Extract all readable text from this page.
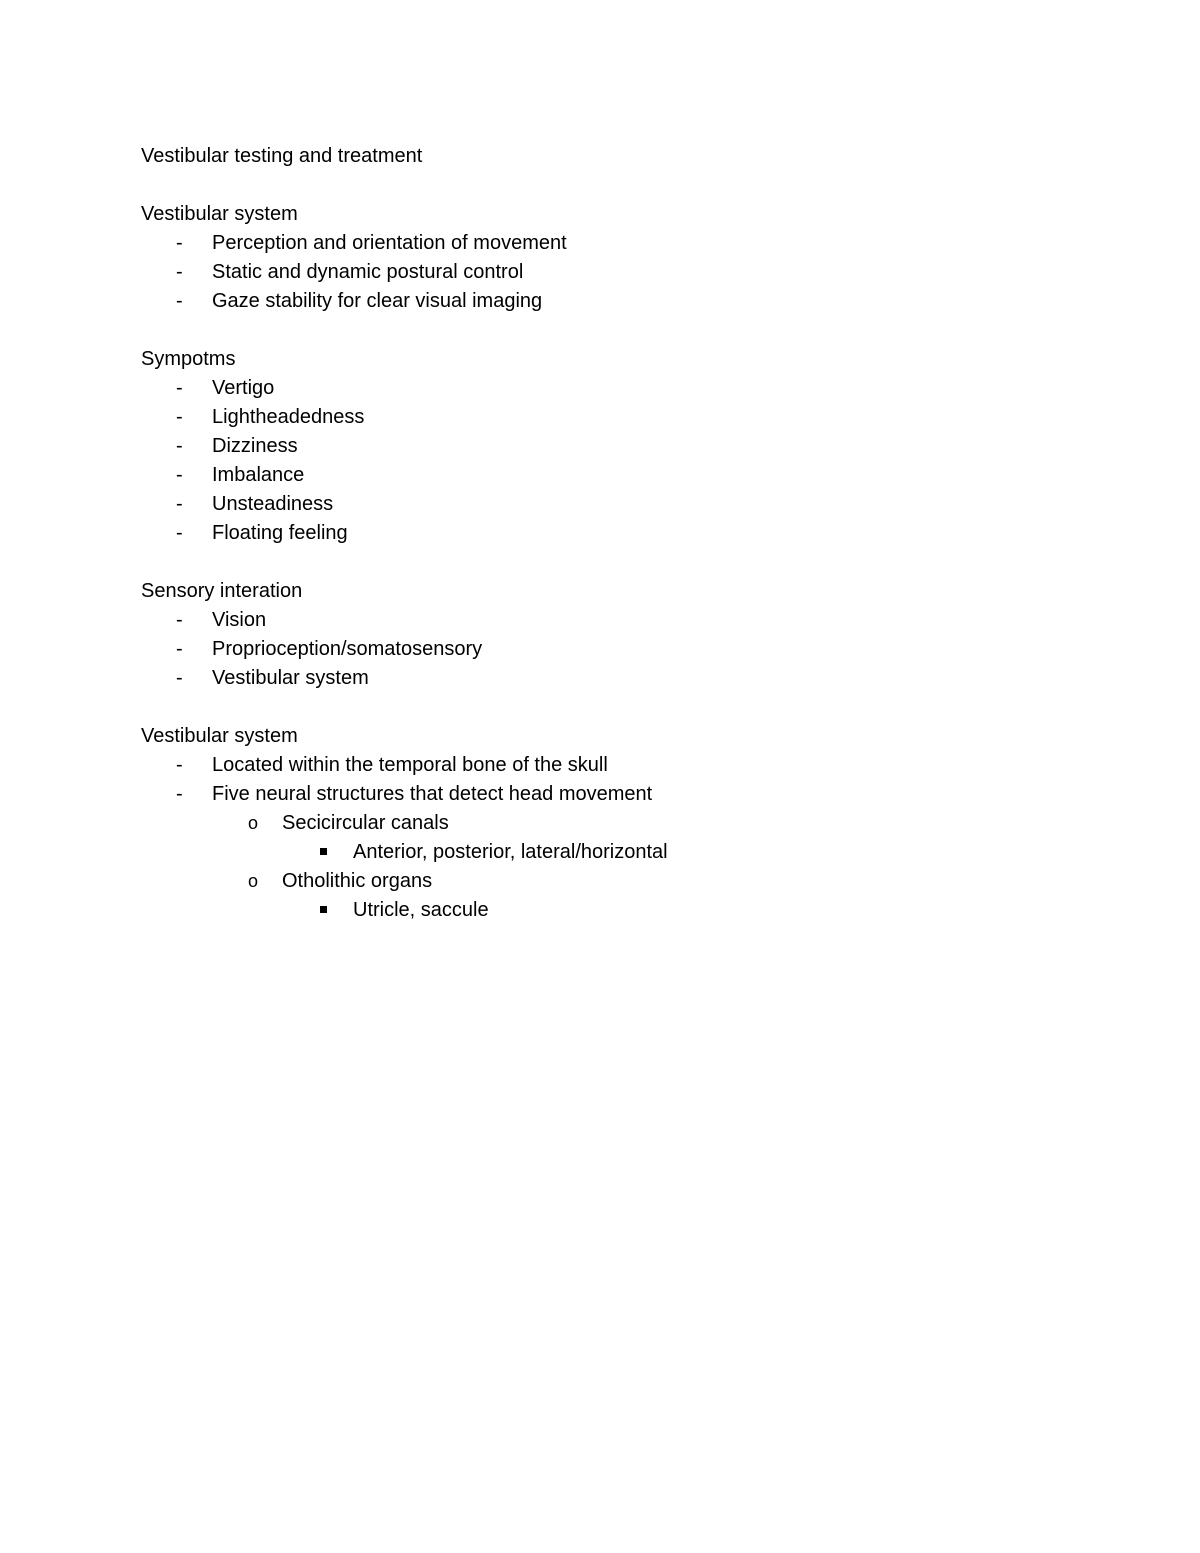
Vestibular testing and treatment
Vestibular system
- Perception and orientation of movement
- Static and dynamic postural control
- Gaze stability for clear visual imaging
Sympotms
- Vertigo
- Lightheadedness
- Dizziness
- Imbalance
- Unsteadiness
- Floating feeling
Sensory interation
- Vision
- Proprioception/somatosensory
- Vestibular system
Vestibular system
- Located within the temporal bone of the skull
- Five neural structures that detect head movement
o Secicircular canals
Anterior, posterior, lateral/horizontal
o Otholithic organs
Utricle, saccule
